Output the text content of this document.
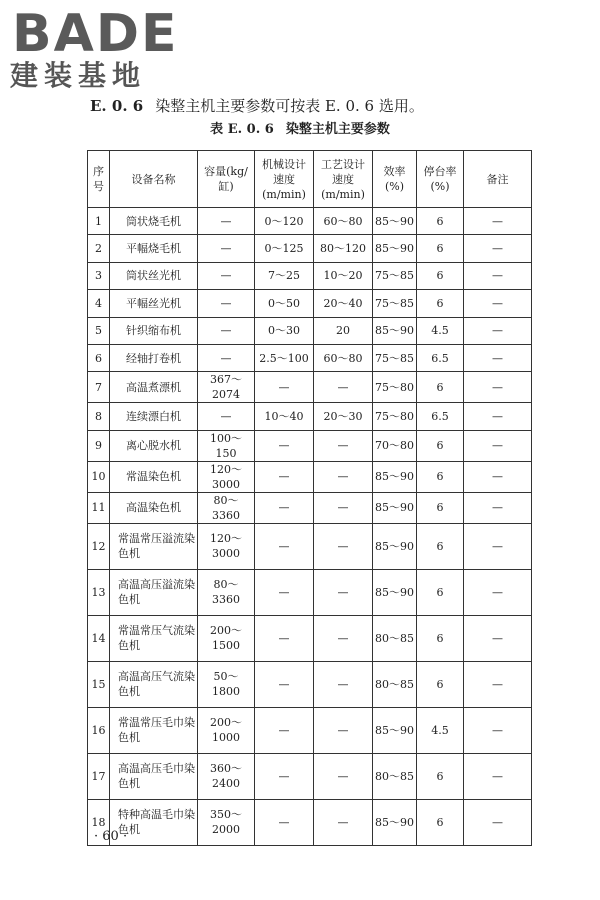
BADE
建装基地
E. 0. 6 染整主机主要参数可按表 E. 0. 6 选用。
表 E. 0. 6 染整主机主要参数
序号	设备名称	容量(kg/缸)	机械设计速度(m/min)	工艺设计速度(m/min)	效率(%)	停台率(%)	备注
1	筒状烧毛机	—	0～120	60～80	85～90	6	—
2	平幅烧毛机	—	0～125	80～120	85～90	6	—
3	筒状丝光机	—	7～25	10～20	75～85	6	—
4	平幅丝光机	—	0～50	20～40	75～85	6	—
5	针织缩布机	—	0～30	20	85～90	4.5	—
6	经轴打卷机	—	2.5～100	60～80	75～85	6.5	—
7	高温煮漂机	367～2074	—	—	75～80	6	—
8	连续漂白机	—	10～40	20～30	75～80	6.5	—
9	离心脱水机	100～150	—	—	70～80	6	—
10	常温染色机	120～3000	—	—	85～90	6	—
11	高温染色机	80～3360	—	—	85～90	6	—
12	常温常压溢流染色机	120～3000	—	—	85～90	6	—
13	高温高压溢流染色机	80～3360	—	—	85～90	6	—
14	常温常压气流染色机	200～1500	—	—	80～85	6	—
15	高温高压气流染色机	50～1800	—	—	80～85	6	—
16	常温常压毛巾染色机	200～1000	—	—	85～90	4.5	—
17	高温高压毛巾染色机	360～2400	—	—	80～85	6	—
18	特种高温毛巾染色机	350～2000	—	—	85～90	6	—
· 60 ·
